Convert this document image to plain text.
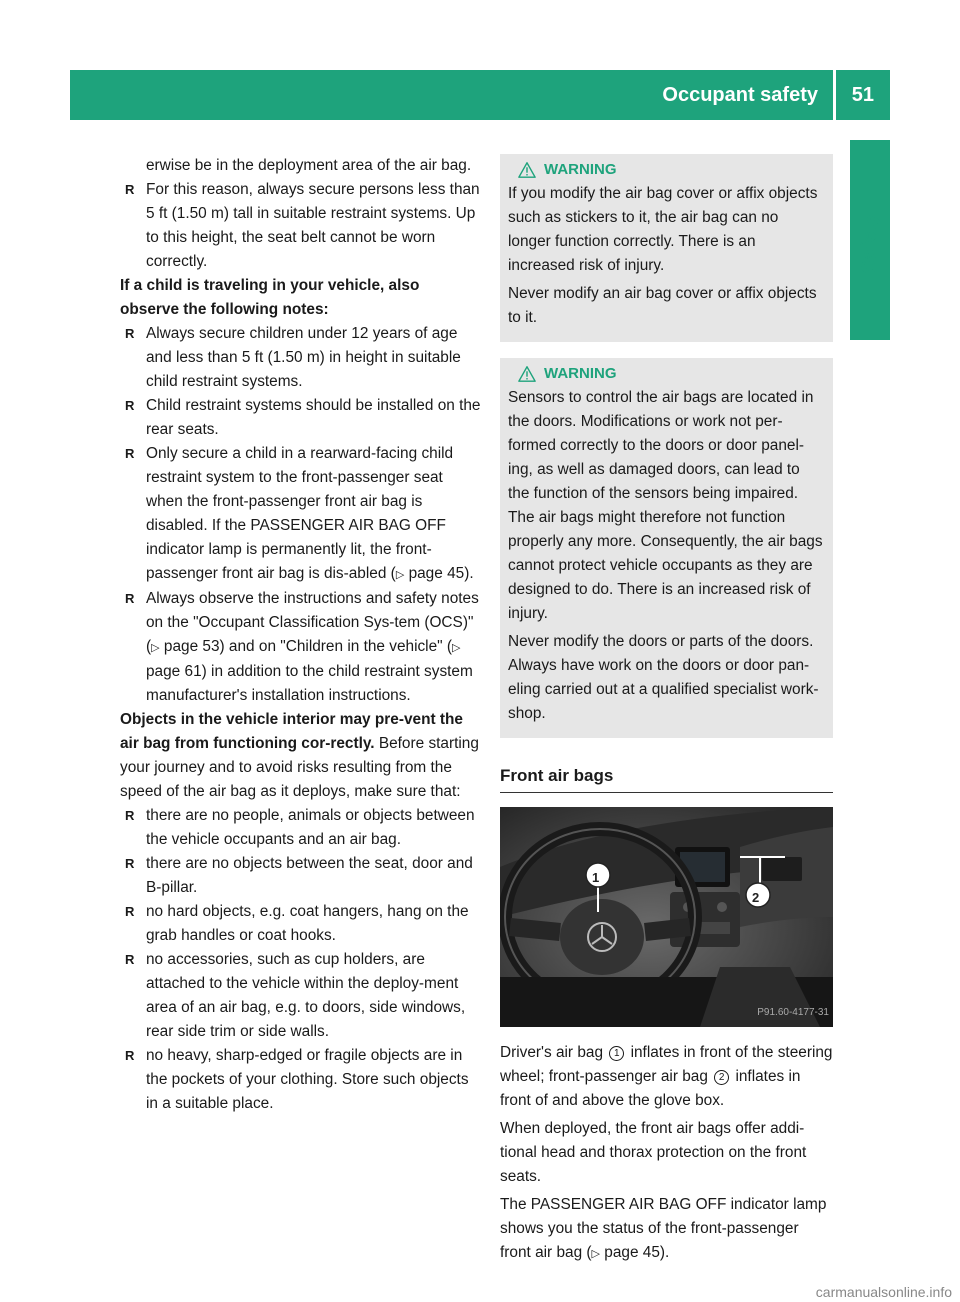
Occupant safety 51
Safety

erwise be in the deployment area of the air bag.

R For this reason, always secure persons less than 5 ft (1.50 m) tall in suitable restraint systems. Up to this height, the seat belt cannot be worn correctly.

If a child is traveling in your vehicle, also observe the following notes:

R Always secure children under 12 years of age and less than 5 ft (1.50 m) in height in suitable child restraint systems.

R Child restraint systems should be installed on the rear seats.

R Only secure a child in a rearward-facing child restraint system to the front-passenger seat when the front-passenger front air bag is disabled. If the PASSENGER AIR BAG OFF indicator lamp is permanently lit, the front-passenger front air bag is dis-abled (▷ page 45).

R Always observe the instructions and safety notes on the "Occupant Classification Sys-tem (OCS)" (▷ page 53) and on "Children in the vehicle" (▷ page 61) in addition to the child restraint system manufacturer's installation instructions.

Objects in the vehicle interior may pre-vent the air bag from functioning cor-rectly. Before starting your journey and to avoid risks resulting from the speed of the air bag as it deploys, make sure that:

R there are no people, animals or objects between the vehicle occupants and an air bag.

R there are no objects between the seat, door and B-pillar.

R no hard objects, e.g. coat hangers, hang on the grab handles or coat hooks.

R no accessories, such as cup holders, are attached to the vehicle within the deploy-ment area of an air bag, e.g. to doors, side windows, rear side trim or side walls.

R no heavy, sharp-edged or fragile objects are in the pockets of your clothing. Store such objects in a suitable place.

WARNING

If you modify the air bag cover or affix objects such as stickers to it, the air bag can no longer function correctly. There is an increased risk of injury.

Never modify an air bag cover or affix objects to it.

WARNING

Sensors to control the air bags are located in the doors. Modifications or work not per-formed correctly to the doors or door panel-ing, as well as damaged doors, can lead to the function of the sensors being impaired. The air bags might therefore not function properly any more. Consequently, the air bags cannot protect vehicle occupants as they are designed to do. There is an increased risk of injury.

Never modify the doors or parts of the doors. Always have work on the doors or door pan-eling carried out at a qualified specialist work-shop.

Front air bags
1
2
P91.60-4177-31

Driver's air bag 1 inflates in front of the steering wheel; front-passenger air bag 2 inflates in front of and above the glove box.

When deployed, the front air bags offer addi-tional head and thorax protection on the front seats.

The PASSENGER AIR BAG OFF indicator lamp shows you the status of the front-passenger front air bag (▷ page 45).

carmanualsonline.info
